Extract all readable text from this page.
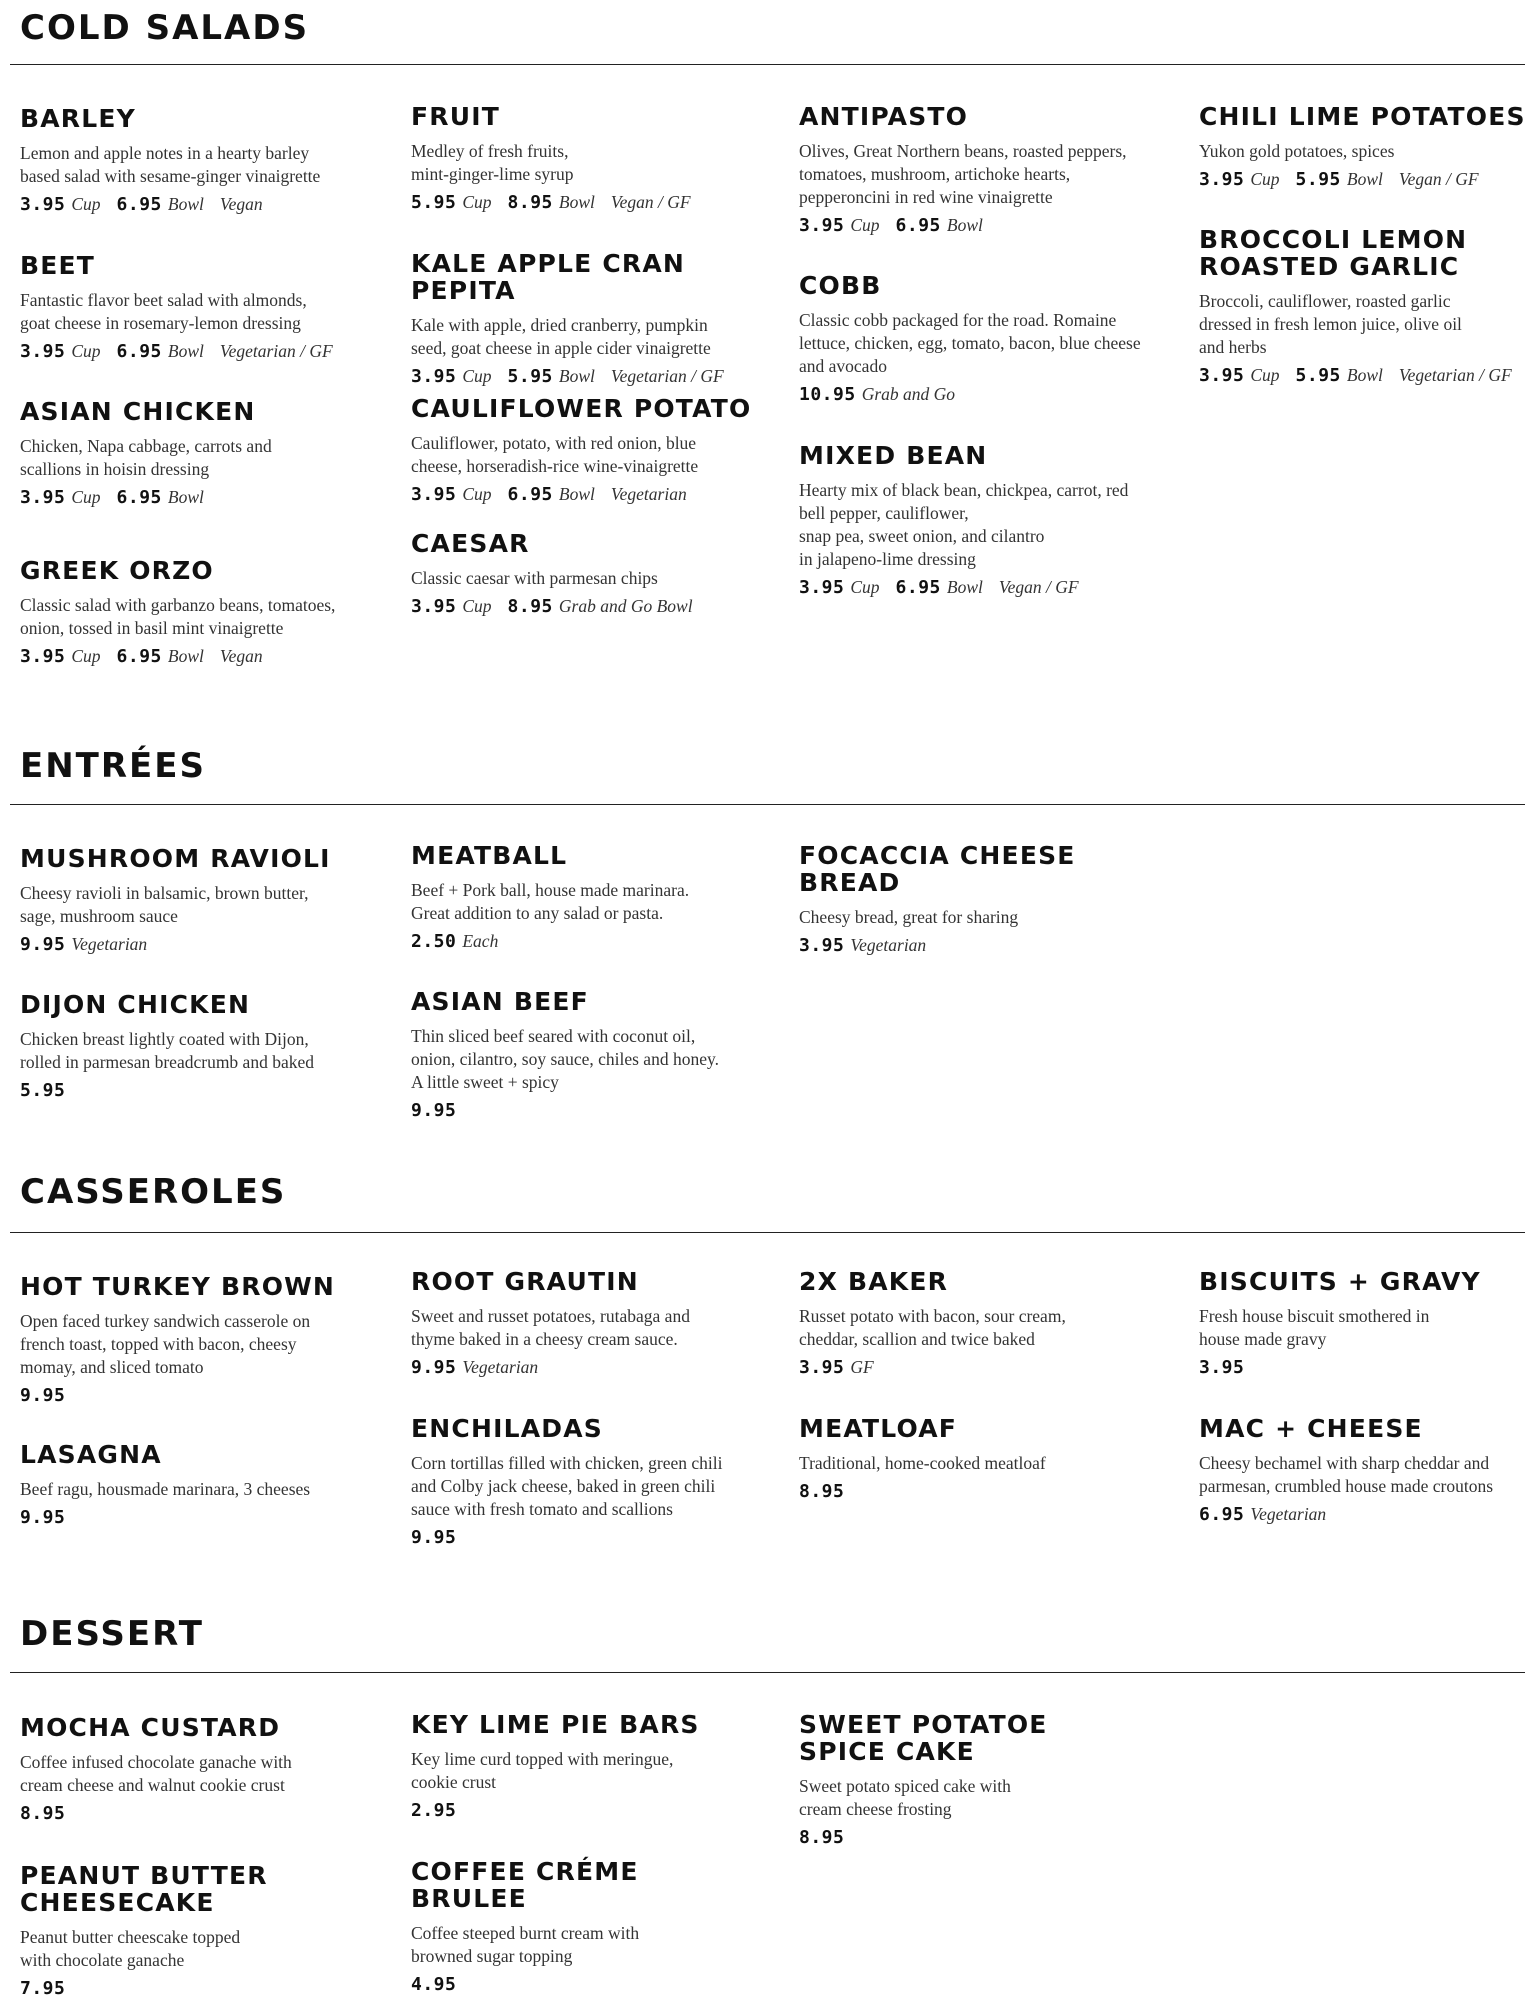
COLD SALADS
ENTRÉES
CASSEROLES
DESSERT
BARLEY
Lemon and apple notes in a hearty barley
based salad with sesame-ginger vinaigrette
3.95 Cup 6.95 Bowl Vegan
BEET
Fantastic flavor beet salad with almonds,
goat cheese in rosemary-lemon dressing
3.95 Cup 6.95 Bowl Vegetarian / GF
ASIAN CHICKEN
Chicken, Napa cabbage, carrots and
scallions in hoisin dressing
3.95 Cup 6.95 Bowl
GREEK ORZO
Classic salad with garbanzo beans, tomatoes,
onion, tossed in basil mint vinaigrette
3.95 Cup 6.95 Bowl Vegan
FRUIT
Medley of fresh fruits,
mint-ginger-lime syrup
5.95 Cup 8.95 Bowl Vegan / GF
KALE APPLE CRAN PEPITA
Kale with apple, dried cranberry, pumpkin
seed, goat cheese in apple cider vinaigrette
3.95 Cup 5.95 Bowl Vegetarian / GF
CAULIFLOWER POTATO
Cauliflower, potato, with red onion, blue
cheese, horseradish-rice wine-vinaigrette
3.95 Cup 6.95 Bowl Vegetarian
CAESAR
Classic caesar with parmesan chips
3.95 Cup 8.95 Grab and Go Bowl
ANTIPASTO
Olives, Great Northern beans, roasted peppers,
tomatoes, mushroom, artichoke hearts,
pepperoncini in red wine vinaigrette
3.95 Cup 6.95 Bowl
COBB
Classic cobb packaged for the road. Romaine
lettuce, chicken, egg, tomato, bacon, blue cheese
and avocado
10.95 Grab and Go
MIXED BEAN
Hearty mix of black bean, chickpea, carrot, red
bell pepper, cauliflower,
snap pea, sweet onion, and cilantro
in jalapeno-lime dressing
3.95 Cup 6.95 Bowl Vegan / GF
CHILI LIME POTATOES
Yukon gold potatoes, spices
3.95 Cup 5.95 Bowl Vegan / GF
BROCCOLI LEMON
ROASTED GARLIC
Broccoli, cauliflower, roasted garlic
dressed in fresh lemon juice, olive oil
and herbs
3.95 Cup 5.95 Bowl Vegetarian / GF
MUSHROOM RAVIOLI
Cheesy ravioli in balsamic, brown butter,
sage, mushroom sauce
9.95 Vegetarian
DIJON CHICKEN
Chicken breast lightly coated with Dijon,
rolled in parmesan breadcrumb and baked
5.95
MEATBALL
Beef + Pork ball, house made marinara.
Great addition to any salad or pasta.
2.50 Each
ASIAN BEEF
Thin sliced beef seared with coconut oil,
onion, cilantro, soy sauce, chiles and honey.
A little sweet + spicy
9.95
FOCACCIA CHEESE BREAD
Cheesy bread, great for sharing
3.95 Vegetarian
HOT TURKEY BROWN
Open faced turkey sandwich casserole on
french toast, topped with bacon, cheesy
momay, and sliced tomato
9.95
LASAGNA
Beef ragu, housmade marinara, 3 cheeses
9.95
ROOT GRAUTIN
Sweet and russet potatoes, rutabaga and
thyme baked in a cheesy cream sauce.
9.95 Vegetarian
ENCHILADAS
Corn tortillas filled with chicken, green chili
and Colby jack cheese, baked in green chili
sauce with fresh tomato and scallions
9.95
2X BAKER
Russet potato with bacon, sour cream,
cheddar, scallion and twice baked
3.95 GF
MEATLOAF
Traditional, home-cooked meatloaf
8.95
BISCUITS + GRAVY
Fresh house biscuit smothered in
house made gravy
3.95
MAC + CHEESE
Cheesy bechamel with sharp cheddar and
parmesan, crumbled house made croutons
6.95 Vegetarian
MOCHA CUSTARD
Coffee infused chocolate ganache with
cream cheese and walnut cookie crust
8.95
PEANUT BUTTER
CHEESECAKE
Peanut butter cheescake topped
with chocolate ganache
7.95
KEY LIME PIE BARS
Key lime curd topped with meringue,
cookie crust
2.95
COFFEE CRÉME BRULEE
Coffee steeped burnt cream with
browned sugar topping
4.95
SWEET POTATOE
SPICE CAKE
Sweet potato spiced cake with
cream cheese frosting
8.95
